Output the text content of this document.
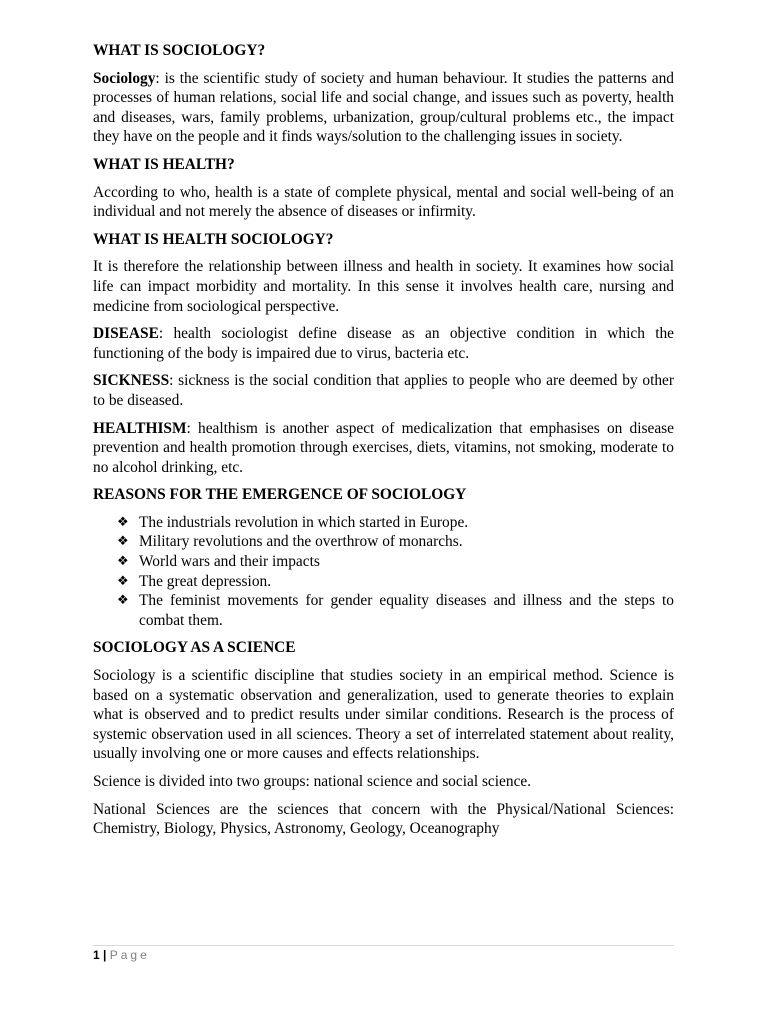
WHAT IS SOCIOLOGY?

Sociology: is the scientific study of society and human behaviour. It studies the patterns and processes of human relations, social life and social change, and issues such as poverty, health and diseases, wars, family problems, urbanization, group/cultural problems etc., the impact they have on the people and it finds ways/solution to the challenging issues in society.

WHAT IS HEALTH?

According to who, health is a state of complete physical, mental and social well-being of an individual and not merely the absence of diseases or infirmity.

WHAT IS HEALTH SOCIOLOGY?

It is therefore the relationship between illness and health in society. It examines how social life can impact morbidity and mortality. In this sense it involves health care, nursing and medicine from sociological perspective.

DISEASE: health sociologist define disease as an objective condition in which the functioning of the body is impaired due to virus, bacteria etc.

SICKNESS: sickness is the social condition that applies to people who are deemed by other to be diseased.

HEALTHISM: healthism is another aspect of medicalization that emphasises on disease prevention and health promotion through exercises, diets, vitamins, not smoking, moderate to no alcohol drinking, etc.

REASONS FOR THE EMERGENCE OF SOCIOLOGY
❖ The industrials revolution in which started in Europe.
❖ Military revolutions and the overthrow of monarchs.
❖ World wars and their impacts
❖ The great depression.
❖ The feminist movements for gender equality diseases and illness and the steps to combat them.
SOCIOLOGY AS A SCIENCE

Sociology is a scientific discipline that studies society in an empirical method. Science is based on a systematic observation and generalization, used to generate theories to explain what is observed and to predict results under similar conditions. Research is the process of systemic observation used in all sciences. Theory a set of interrelated statement about reality, usually involving one or more causes and effects relationships.

Science is divided into two groups: national science and social science.

National Sciences are the sciences that concern with the Physical/National Sciences: Chemistry, Biology, Physics, Astronomy, Geology, Oceanography

1 | Page
